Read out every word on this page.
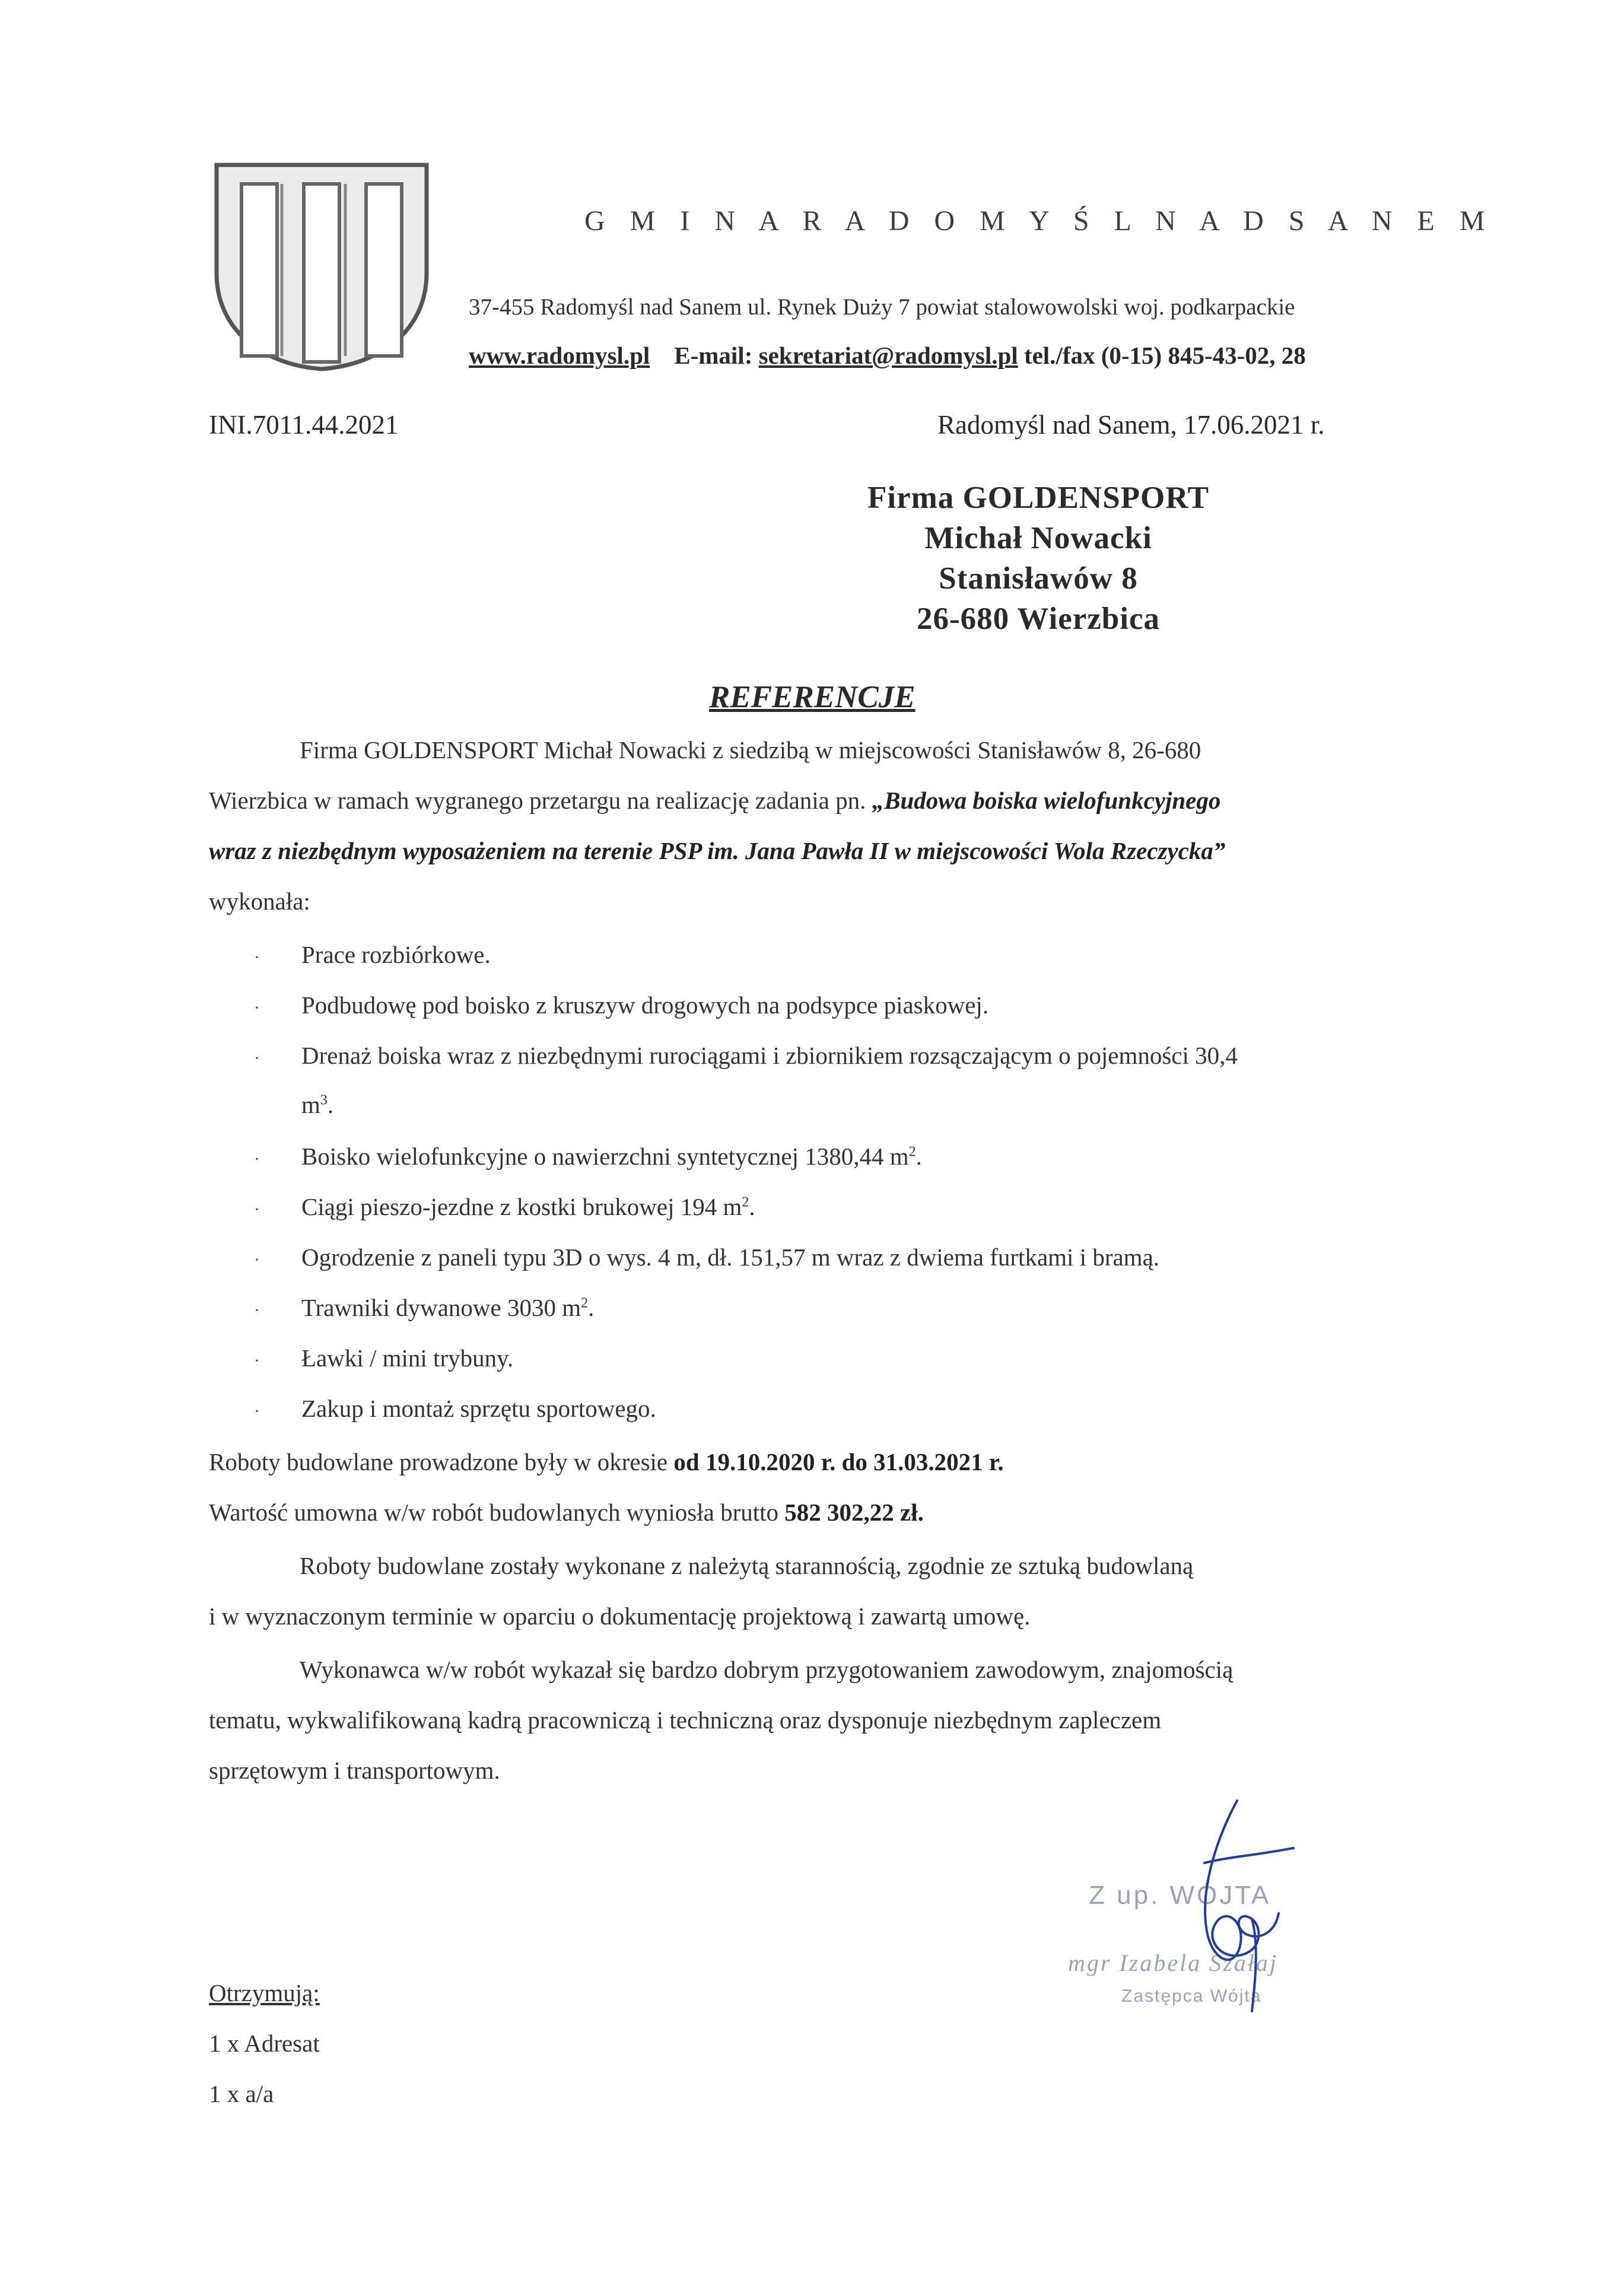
G M I N A R A D O M Y Ś L N A D S A N E M
37-455 Radomyśl nad Sanem ul. Rynek Duży 7 powiat stalowowolski woj. podkarpackie
www.radomysl.pl E-mail: sekretariat@radomysl.pl tel./fax (0-15) 845-43-02, 28
INI.7011.44.2021	Radomyśl nad Sanem, 17.06.2021 r.
Firma GOLDENSPORT
Michał Nowacki
Stanisławów 8
26-680 Wierzbica
REFERENCJE
Firma GOLDENSPORT Michał Nowacki z siedzibą w miejscowości Stanisławów 8, 26-680
Wierzbica w ramach wygranego przetargu na realizację zadania pn. „Budowa boiska wielofunkcyjnego
wraz z niezbędnym wyposażeniem na terenie PSP im. Jana Pawła II w miejscowości Wola Rzeczycka”
wykonała:
· Prace rozbiórkowe.
· Podbudowę pod boisko z kruszyw drogowych na podsypce piaskowej.
· Drenaż boiska wraz z niezbędnymi rurociągami i zbiornikiem rozsączającym o pojemności 30,4
$m^3$.
· Boisko wielofunkcyjne o nawierzchni syntetycznej 1380,44 $m^2$.
· Ciągi pieszo-jezdne z kostki brukowej 194 $m^2$.
· Ogrodzenie z paneli typu 3D o wys. 4 m, dł. 151,57 m wraz z dwiema furtkami i bramą.
· Trawniki dywanowe 3030 $m^2$.
· Ławki / mini trybuny.
· Zakup i montaż sprzętu sportowego.
Roboty budowlane prowadzone były w okresie od 19.10.2020 r. do 31.03.2021 r.
Wartość umowna w/w robót budowlanych wyniosła brutto 582 302,22 zł.
Roboty budowlane zostały wykonane z należytą starannością, zgodnie ze sztuką budowlaną
i w wyznaczonym terminie w oparciu o dokumentację projektową i zawartą umowę.
Wykonawca w/w robót wykazał się bardzo dobrym przygotowaniem zawodowym, znajomością
tematu, wykwalifikowaną kadrą pracowniczą i techniczną oraz dysponuje niezbędnym zapleczem
sprzętowym i transportowym.
Z up. WÓJTA
mgr Izabela Szałaj
Zastępca Wójta
Otrzymują:
1 x Adresat
1 x a/a
